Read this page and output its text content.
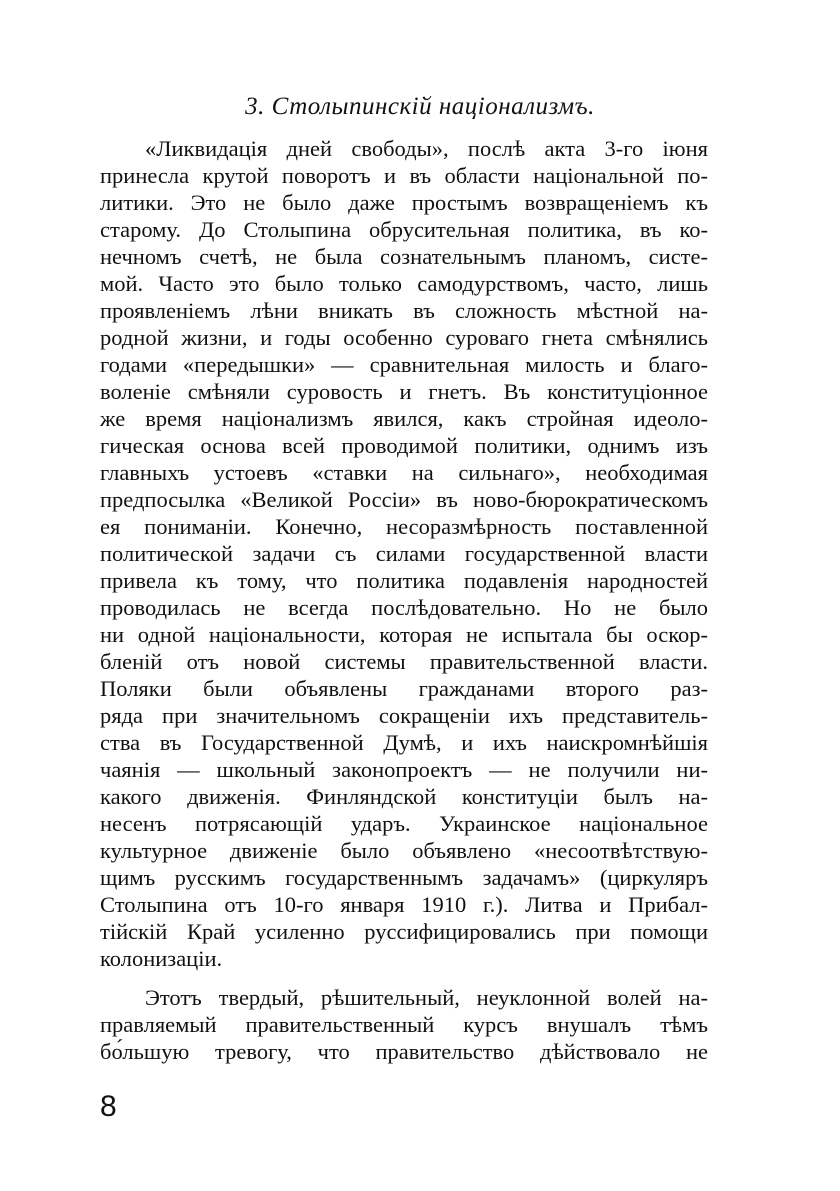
3. Столыпинскій націонализмъ.
«Ликвидація дней свободы», послѣ акта 3-го іюня
принесла крутой поворотъ и въ области національной по-
литики. Это не было даже простымъ возвращеніемъ къ
старому. До Столыпина обрусительная политика, въ ко-
нечномъ счетѣ, не была сознательнымъ планомъ, систе-
мой. Часто это было только самодурствомъ, часто, лишь
проявленіемъ лѣни вникать въ сложность мѣстной на-
родной жизни, и годы особенно суроваго гнета смѣнялись
годами «передышки» — сравнительная милость и благо-
воленіе смѣняли суровость и гнетъ. Въ конституціонное
же время націонализмъ явился, какъ стройная идеоло-
гическая основа всей проводимой политики, однимъ изъ
главныхъ устоевъ «ставки на сильнаго», необходимая
предпосылка «Великой Россіи» въ ново-бюрократическомъ
ея пониманіи. Конечно, несоразмѣрность поставленной
политической задачи съ силами государственной власти
привела къ тому, что политика подавленія народностей
проводилась не всегда послѣдовательно. Но не было
ни одной національности, которая не испытала бы оскор-
бленій отъ новой системы правительственной власти.
Поляки были объявлены гражданами второго раз-
ряда при значительномъ сокращеніи ихъ представитель-
ства въ Государственной Думѣ, и ихъ наискромнѣйшія
чаянія — школьный законопроектъ — не получили ни-
какого движенія. Финляндской конституціи былъ на-
несенъ потрясающій ударъ. Украинское національное
культурное движеніе было объявлено «несоотвѣтствую-
щимъ русскимъ государственнымъ задачамъ» (циркуляръ
Столыпина отъ 10-го января 1910 г.). Литва и Прибал-
тійскій Край усиленно руссифицировались при помощи
колонизаціи.
Этотъ твердый, рѣшительный, неуклонной волей на-
правляемый правительственный курсъ внушалъ тѣмъ
бо́льшую тревогу, что правительство дѣйствовало не
8
